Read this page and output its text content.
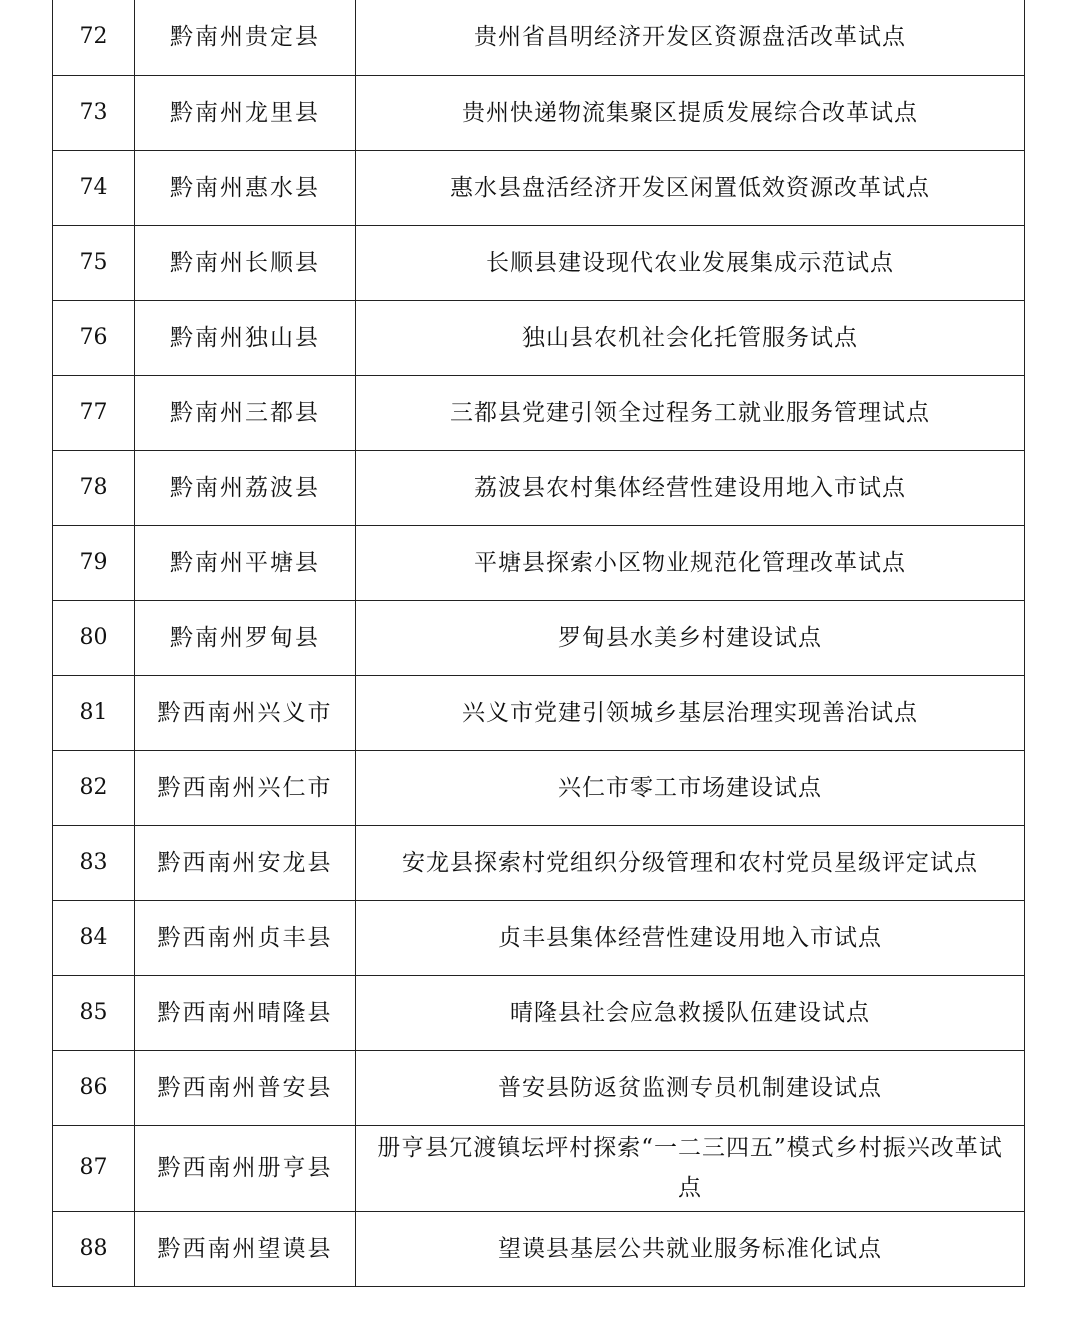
72	黔南州贵定县	贵州省昌明经济开发区资源盘活改革试点
73	黔南州龙里县	贵州快递物流集聚区提质发展综合改革试点
74	黔南州惠水县	惠水县盘活经济开发区闲置低效资源改革试点
75	黔南州长顺县	长顺县建设现代农业发展集成示范试点
76	黔南州独山县	独山县农机社会化托管服务试点
77	黔南州三都县	三都县党建引领全过程务工就业服务管理试点
78	黔南州荔波县	荔波县农村集体经营性建设用地入市试点
79	黔南州平塘县	平塘县探索小区物业规范化管理改革试点
80	黔南州罗甸县	罗甸县水美乡村建设试点
81	黔西南州兴义市	兴义市党建引领城乡基层治理实现善治试点
82	黔西南州兴仁市	兴仁市零工市场建设试点
83	黔西南州安龙县	安龙县探索村党组织分级管理和农村党员星级评定试点
84	黔西南州贞丰县	贞丰县集体经营性建设用地入市试点
85	黔西南州晴隆县	晴隆县社会应急救援队伍建设试点
86	黔西南州普安县	普安县防返贫监测专员机制建设试点
87	黔西南州册亨县	册亨县冗渡镇坛坪村探索“一二三四五”模式乡村振兴改革试点
88	黔西南州望谟县	望谟县基层公共就业服务标准化试点
